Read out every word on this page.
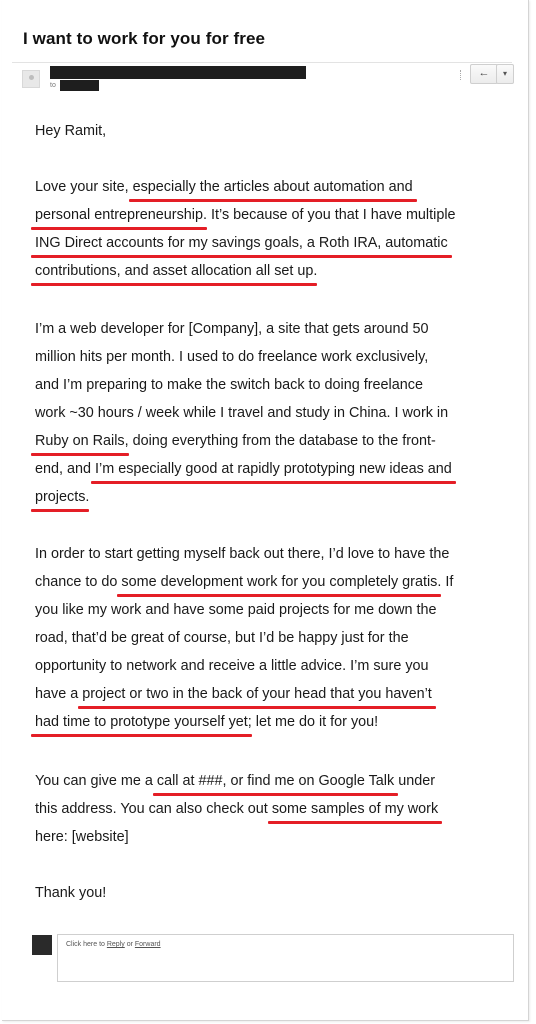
I want to work for you for free
to
←	▾
Hey Ramit,
Love your site, especially the articles about automation and
personal entrepreneurship. It’s because of you that I have multiple
ING Direct accounts for my savings goals, a Roth IRA, automatic
contributions, and asset allocation all set up.
I’m a web developer for [Company], a site that gets around 50
million hits per month. I used to do freelance work exclusively,
and I’m preparing to make the switch back to doing freelance
work ~30 hours / week while I travel and study in China. I work in
Ruby on Rails, doing everything from the database to the front-
end, and I’m especially good at rapidly prototyping new ideas and
projects.
In order to start getting myself back out there, I’d love to have the
chance to do some development work for you completely gratis. If
you like my work and have some paid projects for me down the
road, that’d be great of course, but I’d be happy just for the
opportunity to network and receive a little advice. I’m sure you
have a project or two in the back of your head that you haven’t
had time to prototype yourself yet; let me do it for you!
You can give me a call at ###, or find me on Google Talk under
this address. You can also check out some samples of my work
here: [website]
Thank you!
Click here to Reply or Forward
